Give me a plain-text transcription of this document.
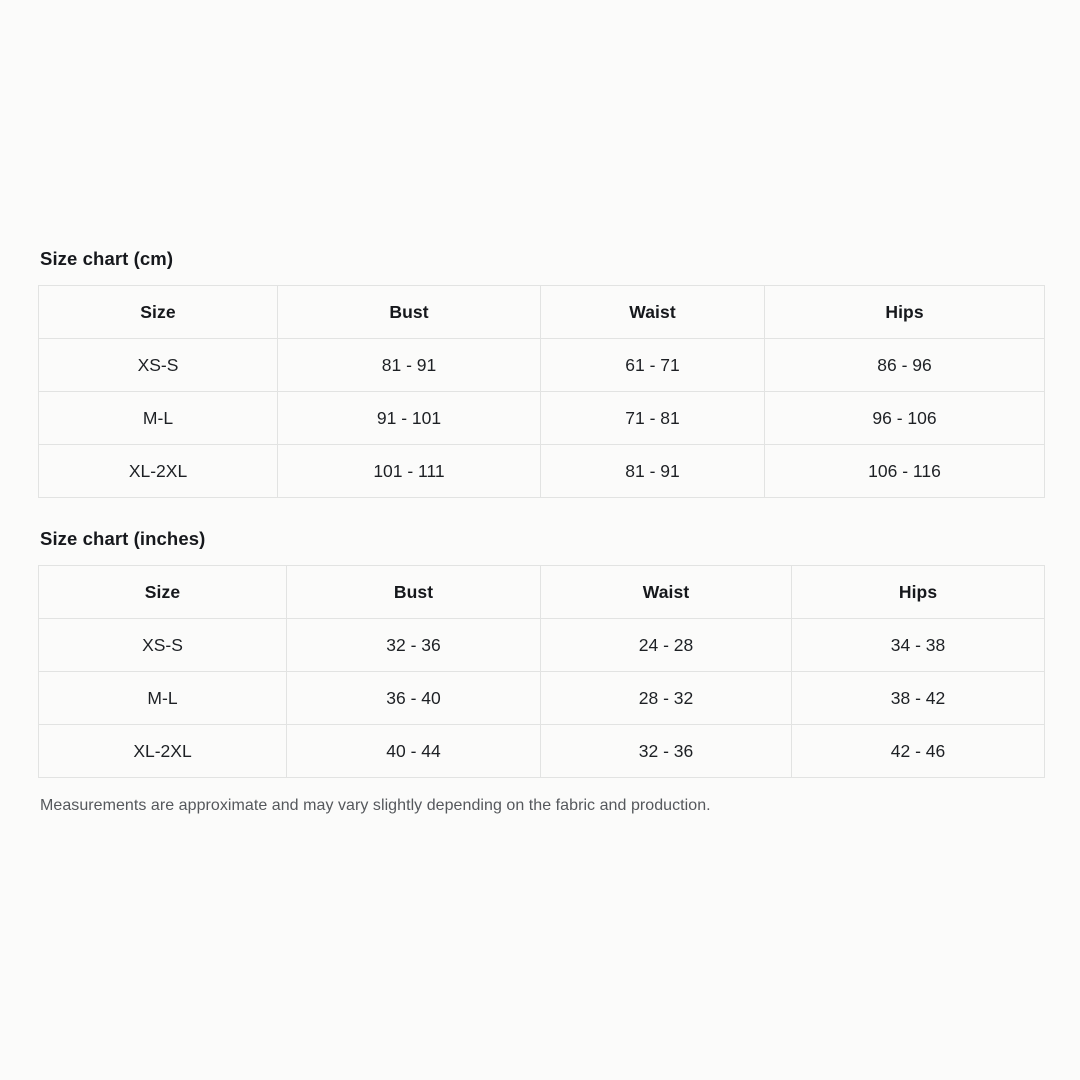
Size chart (cm)
Size	Bust	Waist	Hips
XS-S	81 - 91	61 - 71	86 - 96
M-L	91 - 101	71 - 81	96 - 106
XL-2XL	101 - 111	81 - 91	106 - 116
Size chart (inches)
Size	Bust	Waist	Hips
XS-S	32 - 36	24 - 28	34 - 38
M-L	36 - 40	28 - 32	38 - 42
XL-2XL	40 - 44	32 - 36	42 - 46

Measurements are approximate and may vary slightly depending on the fabric and production.
